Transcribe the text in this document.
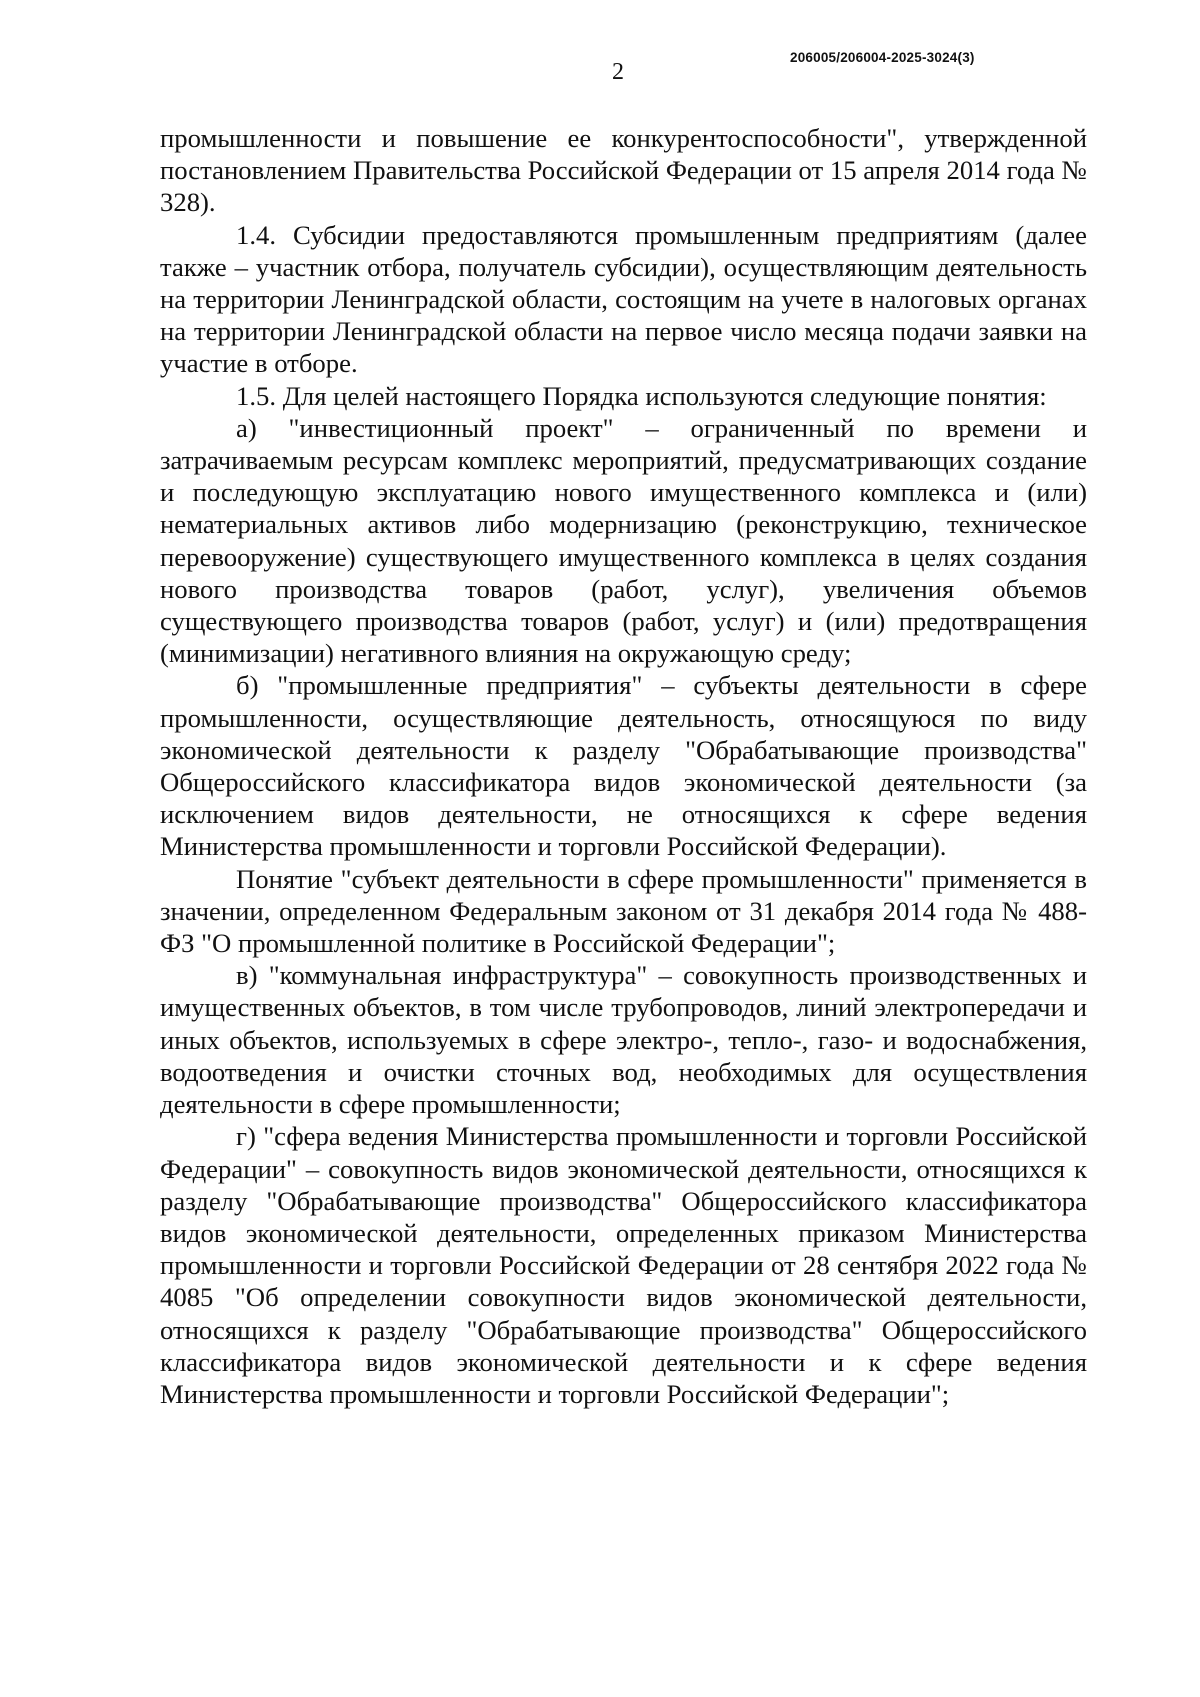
2
206005/206004-2025-3024(3)

промышленности и повышение ее конкурентоспособности", утвержденной постановлением Правительства Российской Федерации от 15 апреля 2014 года № 328).

1.4. Субсидии предоставляются промышленным предприятиям (далее также – участник отбора, получатель субсидии), осуществляющим деятельность на территории Ленинградской области, состоящим на учете в налоговых органах на территории Ленинградской области на первое число месяца подачи заявки на участие в отборе.

1.5. Для целей настоящего Порядка используются следующие понятия:

а) "инвестиционный проект" – ограниченный по времени и затрачиваемым ресурсам комплекс мероприятий, предусматривающих создание и последующую эксплуатацию нового имущественного комплекса и (или) нематериальных активов либо модернизацию (реконструкцию, техническое перевооружение) существующего имущественного комплекса в целях создания нового производства товаров (работ, услуг), увеличения объемов существующего производства товаров (работ, услуг) и (или) предотвращения (минимизации) негативного влияния на окружающую среду;

б) "промышленные предприятия" – субъекты деятельности в сфере промышленности, осуществляющие деятельность, относящуюся по виду экономической деятельности к разделу "Обрабатывающие производства" Общероссийского классификатора видов экономической деятельности (за исключением видов деятельности, не относящихся к сфере ведения Министерства промышленности и торговли Российской Федерации).

Понятие "субъект деятельности в сфере промышленности" применяется в значении, определенном Федеральным законом от 31 декабря 2014 года № 488-ФЗ "О промышленной политике в Российской Федерации";

в) "коммунальная инфраструктура" – совокупность производственных и имущественных объектов, в том числе трубопроводов, линий электропередачи и иных объектов, используемых в сфере электро-, тепло-, газо- и водоснабжения, водоотведения и очистки сточных вод, необходимых для осуществления деятельности в сфере промышленности;

г) "сфера ведения Министерства промышленности и торговли Российской Федерации" – совокупность видов экономической деятельности, относящихся к разделу "Обрабатывающие производства" Общероссийского классификатора видов экономической деятельности, определенных приказом Министерства промышленности и торговли Российской Федерации от 28 сентября 2022 года № 4085 "Об определении совокупности видов экономической деятельности, относящихся к разделу "Обрабатывающие производства" Общероссийского классификатора видов экономической деятельности и к сфере ведения Министерства промышленности и торговли Российской Федерации";
